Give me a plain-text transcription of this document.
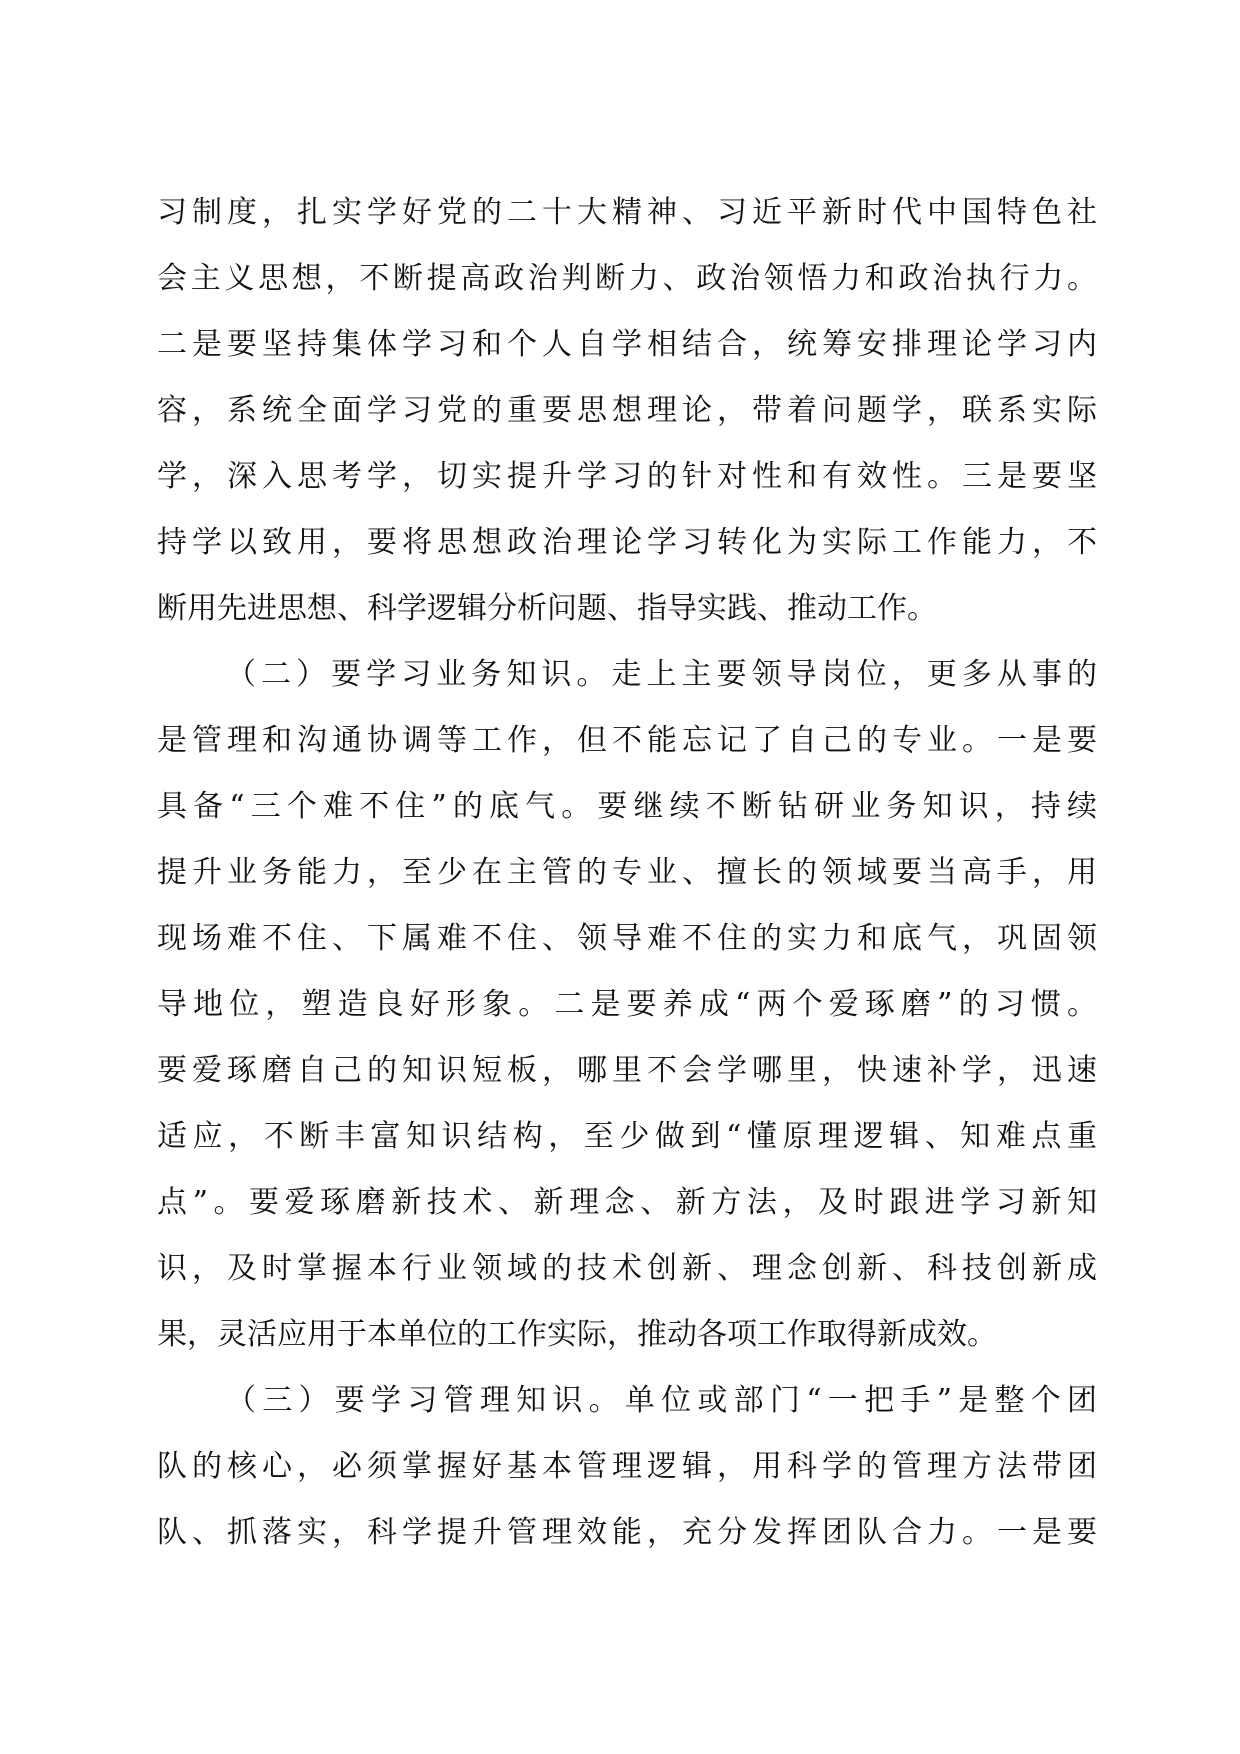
习制度，扎实学好党的二十大精神、习近平新时代中国特色社
会主义思想，不断提高政治判断力、政治领悟力和政治执行力。
二是要坚持集体学习和个人自学相结合，统筹安排理论学习内
容，系统全面学习党的重要思想理论，带着问题学，联系实际
学，深入思考学，切实提升学习的针对性和有效性。三是要坚
持学以致用，要将思想政治理论学习转化为实际工作能力，不
断用先进思想、科学逻辑分析问题、指导实践、推动工作。
（二）要学习业务知识。走上主要领导岗位，更多从事的
是管理和沟通协调等工作，但不能忘记了自己的专业。一是要
具备“三个难不住”的底气。要继续不断钻研业务知识，持续
提升业务能力，至少在主管的专业、擅长的领域要当高手，用
现场难不住、下属难不住、领导难不住的实力和底气，巩固领
导地位，塑造良好形象。二是要养成“两个爱琢磨”的习惯。
要爱琢磨自己的知识短板，哪里不会学哪里，快速补学，迅速
适应，不断丰富知识结构，至少做到“懂原理逻辑、知难点重
点”。要爱琢磨新技术、新理念、新方法，及时跟进学习新知
识，及时掌握本行业领域的技术创新、理念创新、科技创新成
果，灵活应用于本单位的工作实际，推动各项工作取得新成效。
（三）要学习管理知识。单位或部门“一把手”是整个团
队的核心，必须掌握好基本管理逻辑，用科学的管理方法带团
队、抓落实，科学提升管理效能，充分发挥团队合力。一是要
